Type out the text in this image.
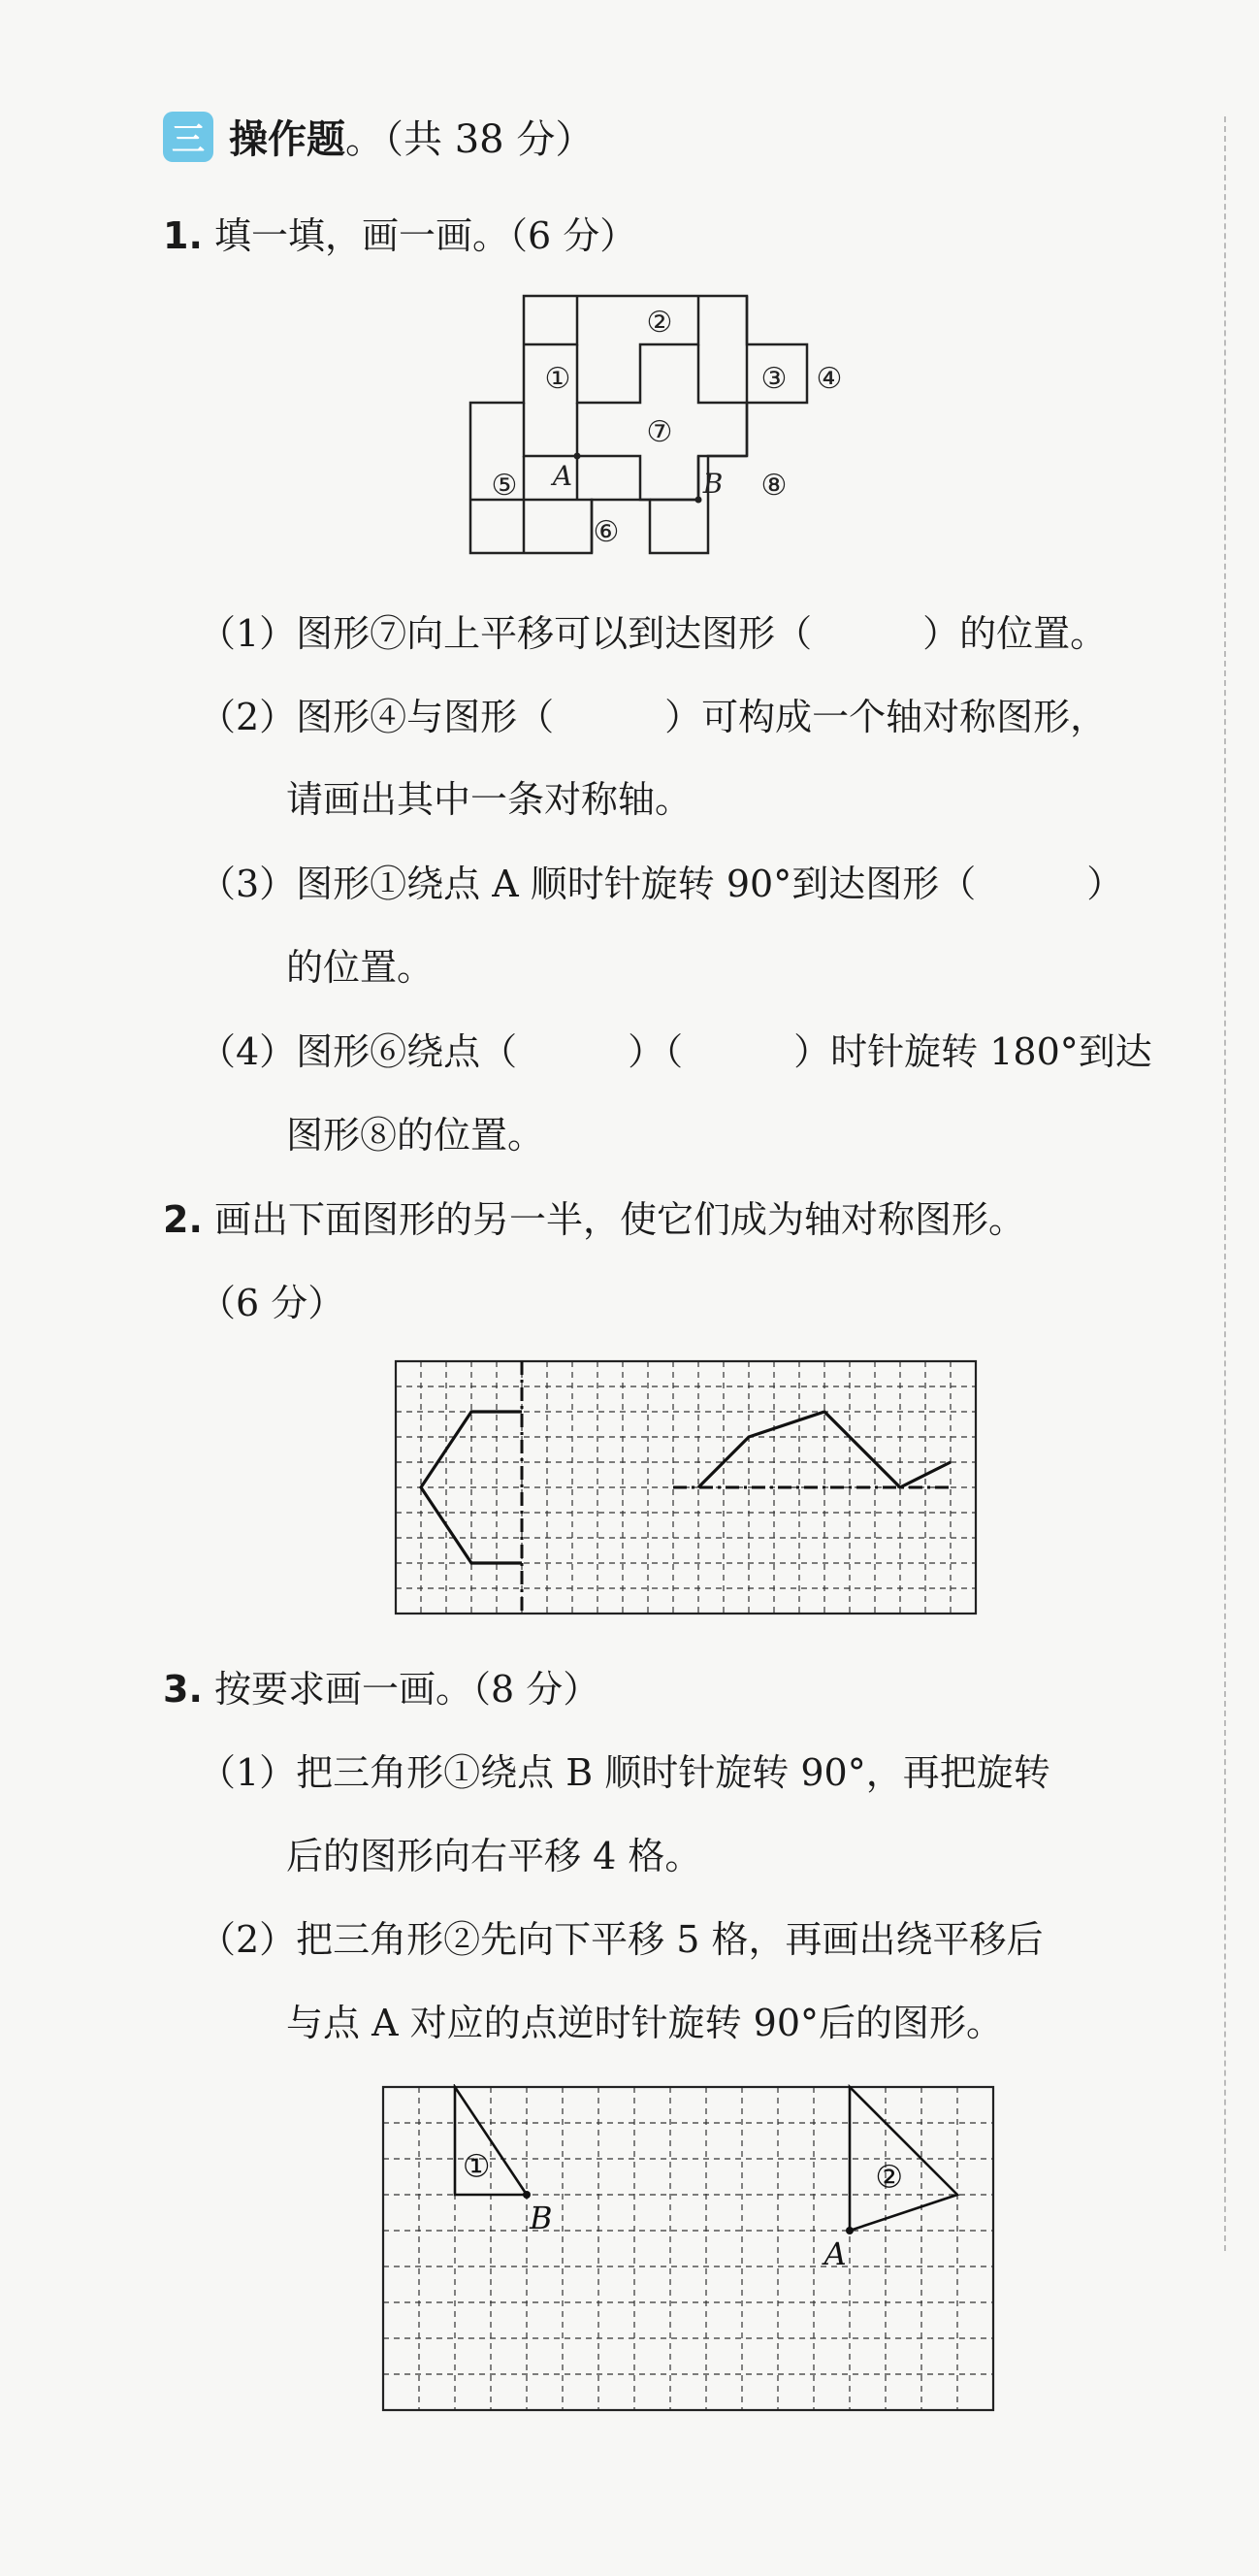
三 操作题 。（共 38 分）
1. 填一填，画一画。（6 分）
②
①	③ ④
⑦
⑤	⑧
⑥
A	B
（1）图形⑦向上平移可以到达图形（　　　）的位置。
（2）图形④与图形（　　　）可构成一个轴对称图形，
请画出其中一条对称轴。
（3）图形①绕点 A 顺时针旋转 90°到达图形（　　　）
的位置。
（4）图形⑥绕点（　　　）（　　　）时针旋转 180°到达
图形⑧的位置。
2. 画出下面图形的另一半，使它们成为轴对称图形。
（6 分）
3. 按要求画一画。（8 分）
（1）把三角形①绕点 B 顺时针旋转 90°，再把旋转
后的图形向右平移 4 格。
（2）把三角形②先向下平移 5 格，再画出绕平移后
与点 A 对应的点逆时针旋转 90°后的图形。
①	②
B
A
